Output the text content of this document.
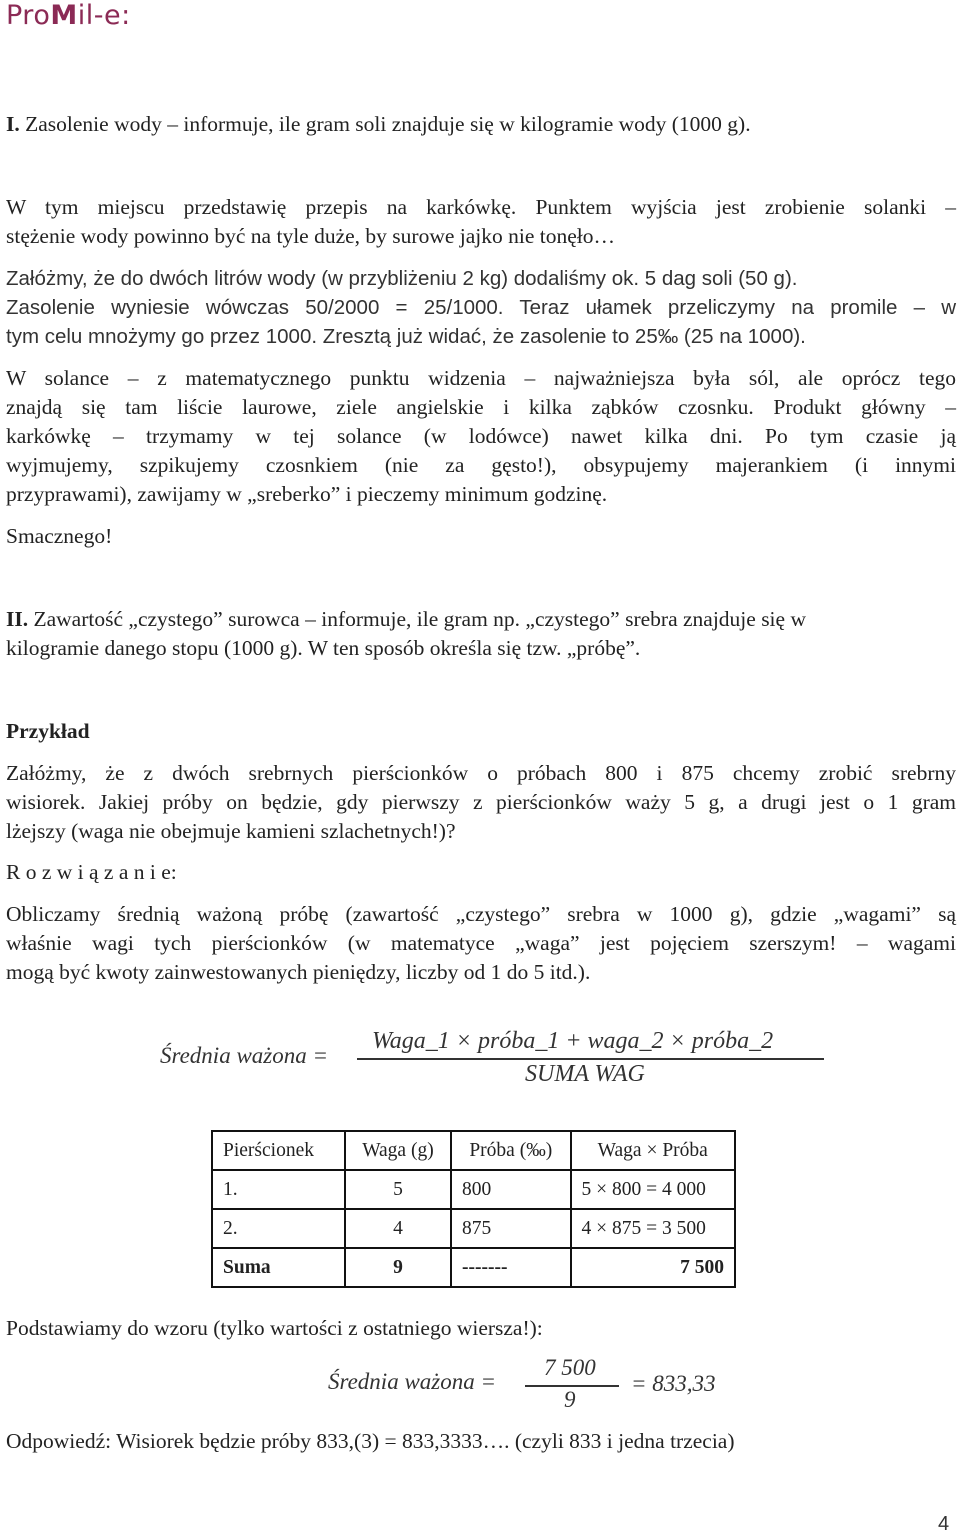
ProMil-e:
I. Zasolenie wody – informuje, ile gram soli znajduje się w kilogramie wody (1000 g).
W tym miejscu przedstawię przepis na karkówkę. Punktem wyjścia jest zrobienie solanki –
stężenie wody powinno być na tyle duże, by surowe jajko nie tonęło…
Załóżmy, że do dwóch litrów wody (w przybliżeniu 2 kg) dodaliśmy ok. 5 dag soli (50 g).
Zasolenie wyniesie wówczas 50/2000 = 25/1000. Teraz ułamek przeliczymy na promile – w
tym celu mnożymy go przez 1000. Zresztą już widać, że zasolenie to 25‰ (25 na 1000).
W solance – z matematycznego punktu widzenia – najważniejsza była sól, ale oprócz tego
znajdą się tam liście laurowe, ziele angielskie i kilka ząbków czosnku. Produkt główny –
karkówkę – trzymamy w tej solance (w lodówce) nawet kilka dni. Po tym czasie ją
wyjmujemy, szpikujemy czosnkiem (nie za gęsto!), obsypujemy majerankiem (i innymi
przyprawami), zawijamy w „sreberko” i pieczemy minimum godzinę.
Smacznego!
II. Zawartość „czystego” surowca – informuje, ile gram np. „czystego” srebra znajduje się w
kilogramie danego stopu (1000 g). W ten sposób określa się tzw. „próbę”.
Przykład
Załóżmy, że z dwóch srebrnych pierścionków o próbach 800 i 875 chcemy zrobić srebrny
wisiorek. Jakiej próby on będzie, gdy pierwszy z pierścionków waży 5 g, a drugi jest o 1 gram
lżejszy (waga nie obejmuje kamieni szlachetnych!)?
R o z w i ą z a n i e:
Obliczamy średnią ważoną próbę (zawartość „czystego” srebra w 1000 g), gdzie „wagami” są
właśnie wagi tych pierścionków (w matematyce „waga” jest pojęciem szerszym! – wagami
mogą być kwoty zainwestowanych pieniędzy, liczby od 1 do 5 itd.).
Średnia ważona =
Waga_1 × próba_1 + waga_2 × próba_2
SUMA WAG
Pierścionek	Waga (g)	Próba (‰)	Waga × Próba
1.	5	800	5 × 800 = 4 000
2.	4	875	4 × 875 = 3 500
Suma	9	-------	7 500
Podstawiamy do wzoru (tylko wartości z ostatniego wiersza!):
Średnia ważona =
7 500
9
= 833,33
Odpowiedź: Wisiorek będzie próby 833,(3) = 833,3333…. (czyli 833 i jedna trzecia)
4
